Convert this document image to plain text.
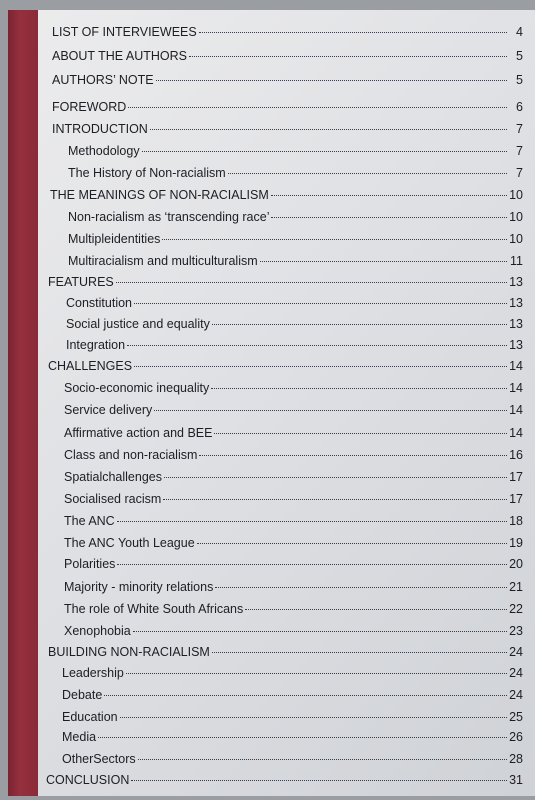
LIST OF INTERVIEWEES	4
ABOUT THE AUTHORS	5
AUTHORS’ NOTE	5
FOREWORD	6
INTRODUCTION	7
Methodology	7
The History of Non-racialism	7
THE MEANINGS OF NON-RACIALISM	10
Non-racialism as ‘transcending race’	10
Multipleidentities	10
Multiracialism and multiculturalism	11
FEATURES	13
Constitution	13
Social justice and equality	13
Integration	13
CHALLENGES	14
Socio-economic inequality	14
Service delivery	14
Affirmative action and BEE	14
Class and non-racialism	16
Spatialchallenges	17
Socialised racism	17
The ANC	18
The ANC Youth League	19
Polarities	20
Majority - minority relations	21
The role of White South Africans	22
Xenophobia	23
BUILDING NON-RACIALISM	24
Leadership	24
Debate	24
Education	25
Media	26
OtherSectors	28
CONCLUSION	31
